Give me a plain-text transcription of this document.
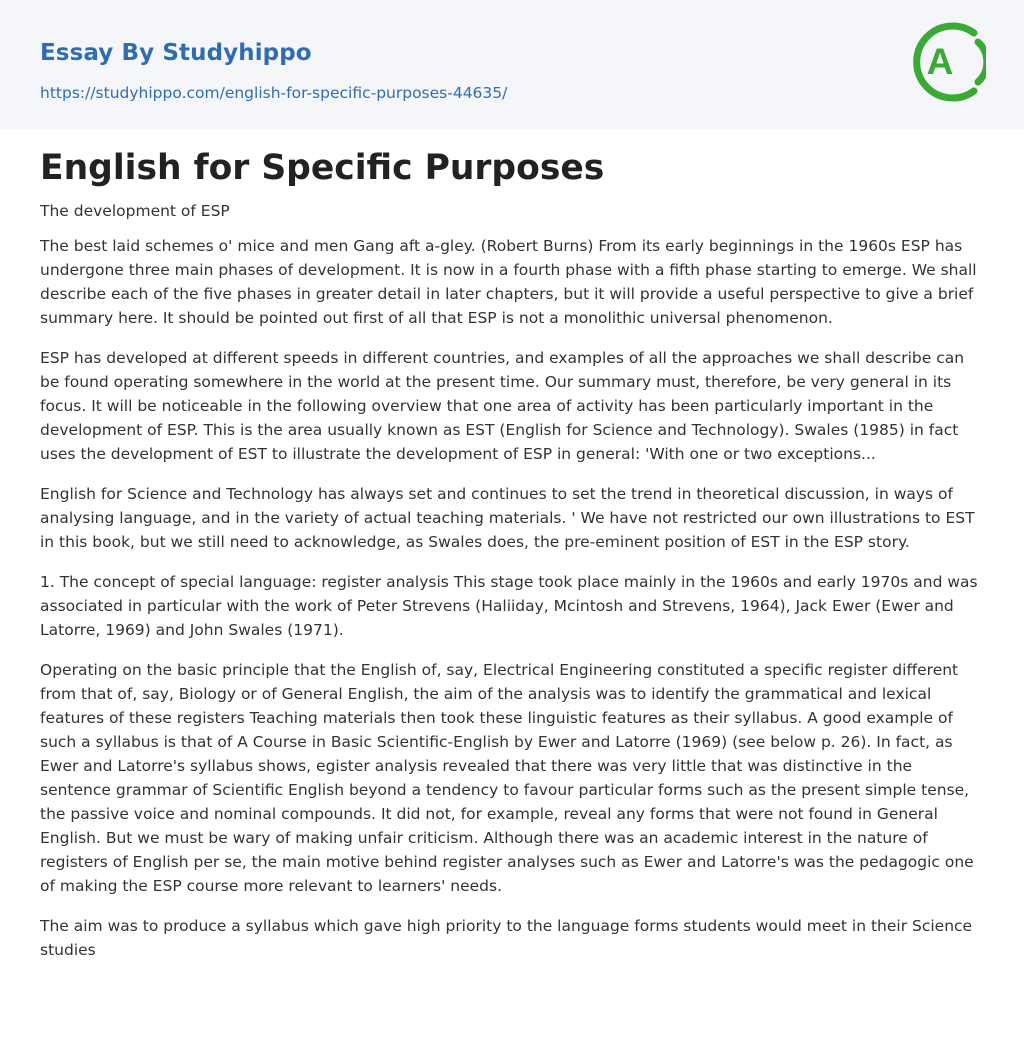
Essay By Studyhippo
https://studyhippo.com/english-for-specific-purposes-44635/
A
English for Specific Purposes
The development of ESP

The best laid schemes o' mice and men Gang aft a-gley. (Robert Burns) From its early beginnings in the 1960s ESP has undergone three main phases of development. It is now in a fourth phase with a fifth phase starting to emerge. We shall describe each of the five phases in greater detail in later chapters, but it will provide a useful perspective to give a brief summary here. It should be pointed out first of all that ESP is not a monolithic universal phenomenon.

ESP has developed at different speeds in different countries, and examples of all the approaches we shall describe can be found operating somewhere in the world at the present time. Our summary must, therefore, be very general in its focus. It will be noticeable in the following overview that one area of activity has been particularly important in the development of ESP. This is the area usually known as EST (English for Science and Technology). Swales (1985) in fact uses the development of EST to illustrate the development of ESP in general: 'With one or two exceptions...

English for Science and Technology has always set and continues to set the trend in theoretical discussion, in ways of analysing language, and in the variety of actual teaching materials. ' We have not restricted our own illustrations to EST in this book, but we still need to acknowledge, as Swales does, the pre-eminent position of EST in the ESP story.

1. The concept of special language: register analysis This stage took place mainly in the 1960s and early 1970s and was associated in particular with the work of Peter Strevens (Haliiday, Mcintosh and Strevens, 1964), Jack Ewer (Ewer and Latorre, 1969) and John Swales (1971).

Operating on the basic principle that the English of, say, Electrical Engineering constituted a specific register different from that of, say, Biology or of General English, the aim of the analysis was to identify the grammatical and lexical features of these registers Teaching materials then took these linguistic features as their syllabus. A good example of such a syllabus is that of A Course in Basic Scientific-English by Ewer and Latorre (1969) (see below p. 26). In fact, as Ewer and Latorre's syllabus shows, egister analysis revealed that there was very little that was distinctive in the sentence grammar of Scientific English beyond a tendency to favour particular forms such as the present simple tense, the passive voice and nominal compounds. It did not, for example, reveal any forms that were not found in General English. But we must be wary of making unfair criticism. Although there was an academic interest in the nature of registers of English per se, the main motive behind register analyses such as Ewer and Latorre's was the pedagogic one of making the ESP course more relevant to learners' needs.

The aim was to produce a syllabus which gave high priority to the language forms students would meet in their Science studies
